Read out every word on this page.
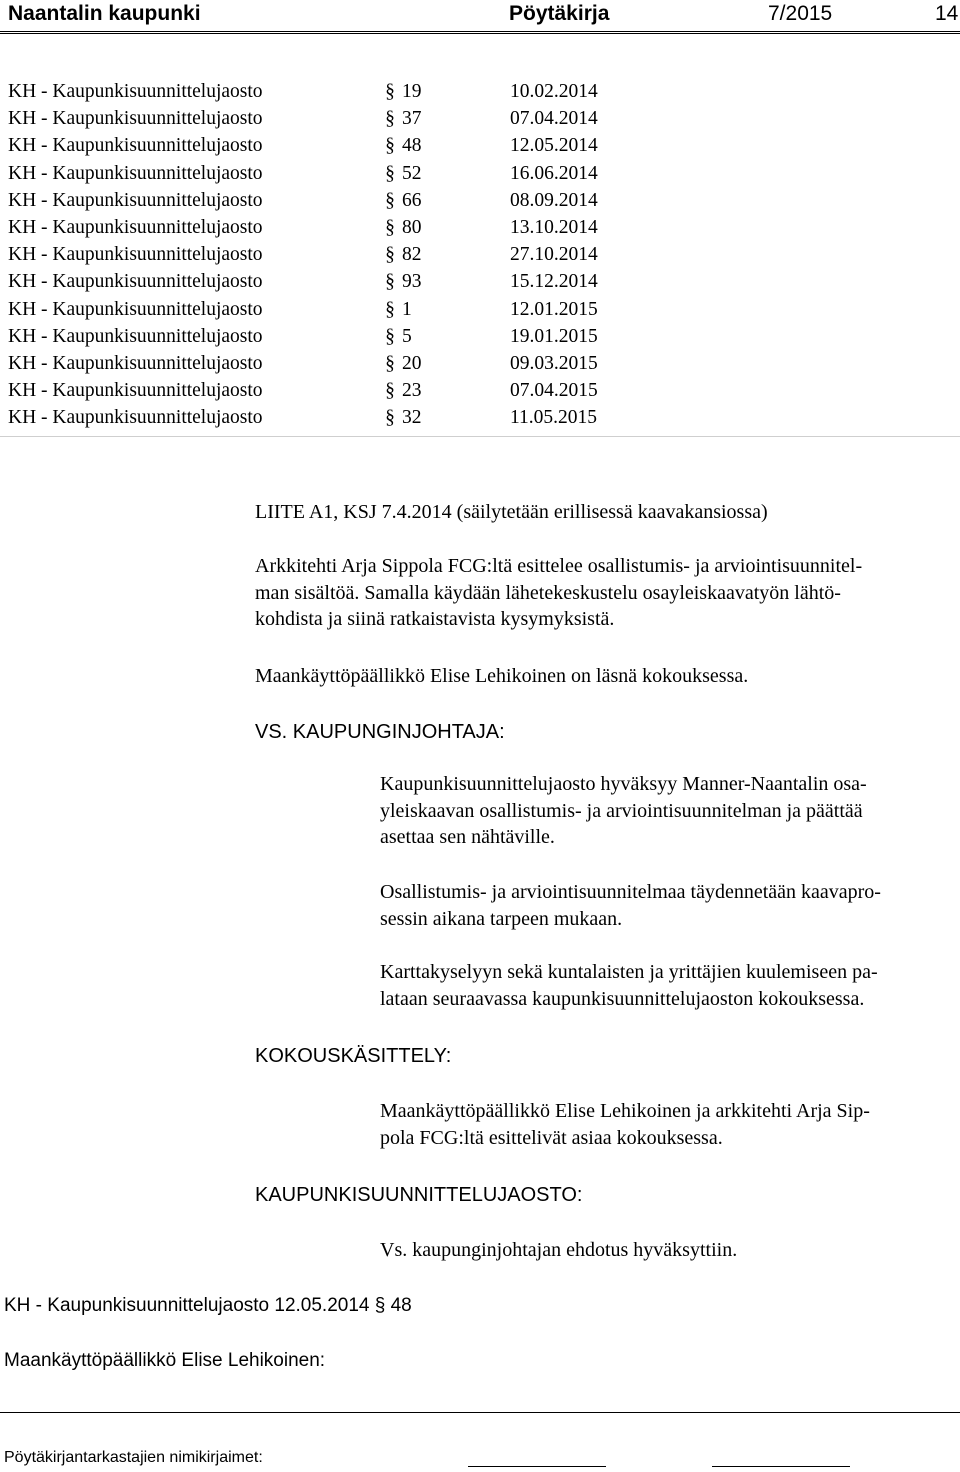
Naantalin kaupunki	Pöytäkirja	7/2015	14
KH - Kaupunkisuunnittelujaosto	§ 19	10.02.2014
KH - Kaupunkisuunnittelujaosto	§ 37	07.04.2014
KH - Kaupunkisuunnittelujaosto	§ 48	12.05.2014
KH - Kaupunkisuunnittelujaosto	§ 52	16.06.2014
KH - Kaupunkisuunnittelujaosto	§ 66	08.09.2014
KH - Kaupunkisuunnittelujaosto	§ 80	13.10.2014
KH - Kaupunkisuunnittelujaosto	§ 82	27.10.2014
KH - Kaupunkisuunnittelujaosto	§ 93	15.12.2014
KH - Kaupunkisuunnittelujaosto	§ 1	12.01.2015
KH - Kaupunkisuunnittelujaosto	§ 5	19.01.2015
KH - Kaupunkisuunnittelujaosto	§ 20	09.03.2015
KH - Kaupunkisuunnittelujaosto	§ 23	07.04.2015
KH - Kaupunkisuunnittelujaosto	§ 32	11.05.2015
LIITE A1, KSJ 7.4.2014 (säilytetään erillisessä kaavakansiossa)
Arkkitehti Arja Sippola FCG:ltä esittelee osallistumis- ja arviointisuunnitel-
man sisältöä. Samalla käydään lähetekeskustelu osayleiskaavatyön lähtö-
kohdista ja siinä ratkaistavista kysymyksistä.
Maankäyttöpäällikkö Elise Lehikoinen on läsnä kokouksessa.
VS. KAUPUNGINJOHTAJA:
Kaupunkisuunnittelujaosto hyväksyy Manner-Naantalin osa-
yleiskaavan osallistumis- ja arviointisuunnitelman ja päättää
asettaa sen nähtäville.
Osallistumis- ja arviointisuunnitelmaa täydennetään kaavapro-
sessin aikana tarpeen mukaan.
Karttakyselyyn sekä kuntalaisten ja yrittäjien kuulemiseen pa-
lataan seuraavassa kaupunkisuunnittelujaoston kokouksessa.
KOKOUSKÄSITTELY:
Maankäyttöpäällikkö Elise Lehikoinen ja arkkitehti Arja Sip-
pola FCG:ltä esittelivät asiaa kokouksessa.
KAUPUNKISUUNNITTELUJAOSTO:
Vs. kaupunginjohtajan ehdotus hyväksyttiin.
KH - Kaupunkisuunnittelujaosto 12.05.2014 § 48
Maankäyttöpäällikkö Elise Lehikoinen:
Pöytäkirjantarkastajien nimikirjaimet:
